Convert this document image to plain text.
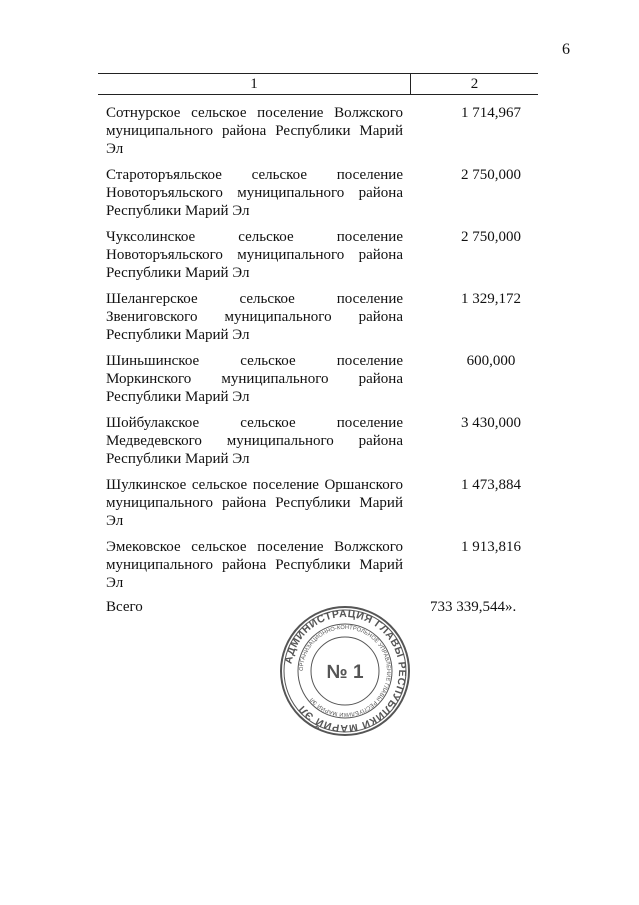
6
1	2
Сотнурское сельское поселение Волжского муниципального района Республики Марий Эл
1 714,967
Староторъяльское сельское поселение Новоторъяльского муниципального района Республики Марий Эл
2 750,000
Чуксолинское сельское поселение Новоторъяльского муниципального района Республики Марий Эл
2 750,000
Шелангерское сельское поселение Звениговского муниципального района Республики Марий Эл
1 329,172
Шиньшинское сельское поселение Моркинского муниципального района Республики Марий Эл
600,000
Шойбулакское сельское поселение Медведевского муниципального района Республики Марий Эл
3 430,000
Шулкинское сельское поселение Оршанского муниципального района Республики Марий Эл
1 473,884
Эмековское сельское поселение Волжского муниципального района Республики Марий Эл
1 913,816
Всего	733 339,544».
АДМИНИСТРАЦИЯ ГЛАВЫ РЕСПУБЛИКИ МАРИЙ ЭЛ
ОРГАНИЗАЦИОННО-КОНТРОЛЬНОЕ УПРАВЛЕНИЕ ГЛАВЫ РЕСПУБЛИКИ МАРИЙ ЭЛ
№ 1
